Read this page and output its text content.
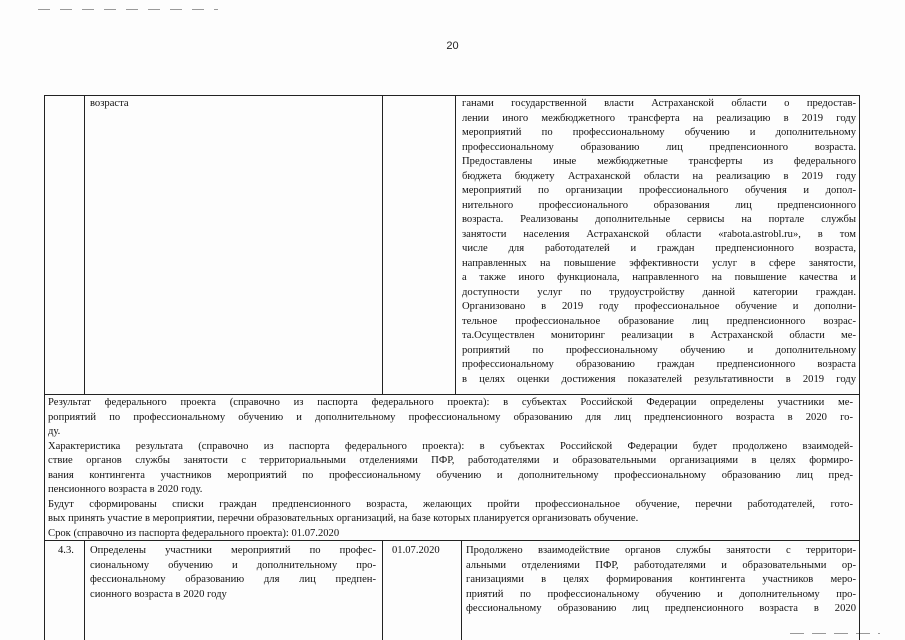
20
возраста	ганами государственной власти Астраханской области о предостав-
лении иного межбюджетного трансферта на реализацию в 2019 году
мероприятий по профессиональному обучению и дополнительному
профессиональному образованию лиц предпенсионного возраста.
Предоставлены иные межбюджетные трансферты из федерального
бюджета бюджету Астраханской области на реализацию в 2019 году
мероприятий по организации профессионального обучения и допол-
нительного профессионального образования лиц предпенсионного
возраста. Реализованы дополнительные сервисы на портале службы
занятости населения Астраханской области «rabota.astrobl.ru», в том
числе для работодателей и граждан предпенсионного возраста,
направленных на повышение эффективности услуг в сфере занятости,
а также иного функционала, направленного на повышение качества и
доступности услуг по трудоустройству данной категории граждан.
Организовано в 2019 году профессиональное обучение и дополни-
тельное профессиональное образование лиц предпенсионного возрас-
та.Осуществлен мониторинг реализации в Астраханской области ме-
роприятий по профессиональному обучению и дополнительному
профессиональному образованию граждан предпенсионного возраста
в целях оценки достижения показателей результативности в 2019 году
Результат федерального проекта (справочно из паспорта федерального проекта): в субъектах Российской Федерации определены участники ме-
роприятий по профессиональному обучению и дополнительному профессиональному образованию для лиц предпенсионного возраста в 2020 го-
ду.
Характеристика результата (справочно из паспорта федерального проекта): в субъектах Российской Федерации будет продолжено взаимодей-
ствие органов службы занятости с территориальными отделениями ПФР, работодателями и образовательными организациями в целях формиро-
вания контингента участников мероприятий по профессиональному обучению и дополнительному профессиональному образованию лиц пред-
пенсионного возраста в 2020 году.
Будут сформированы списки граждан предпенсионного возраста, желающих пройти профессиональное обучение, перечни работодателей, гото-
вых принять участие в мероприятии, перечни образовательных организаций, на базе которых планируется организовать обучение.
Срок (справочно из паспорта федерального проекта): 01.07.2020
4.3. Определены участники мероприятий по профес-
сиональному обучению и дополнительному про-
фессиональному образованию для лиц предпен-
сионного возраста в 2020 году
01.07.2020 Продолжено взаимодействие органов службы занятости с территори-
альными отделениями ПФР, работодателями и образовательными ор-
ганизациями в целях формирования контингента участников меро-
приятий по профессиональному обучению и дополнительному про-
фессиональному образованию лиц предпенсионного возраста в 2020
